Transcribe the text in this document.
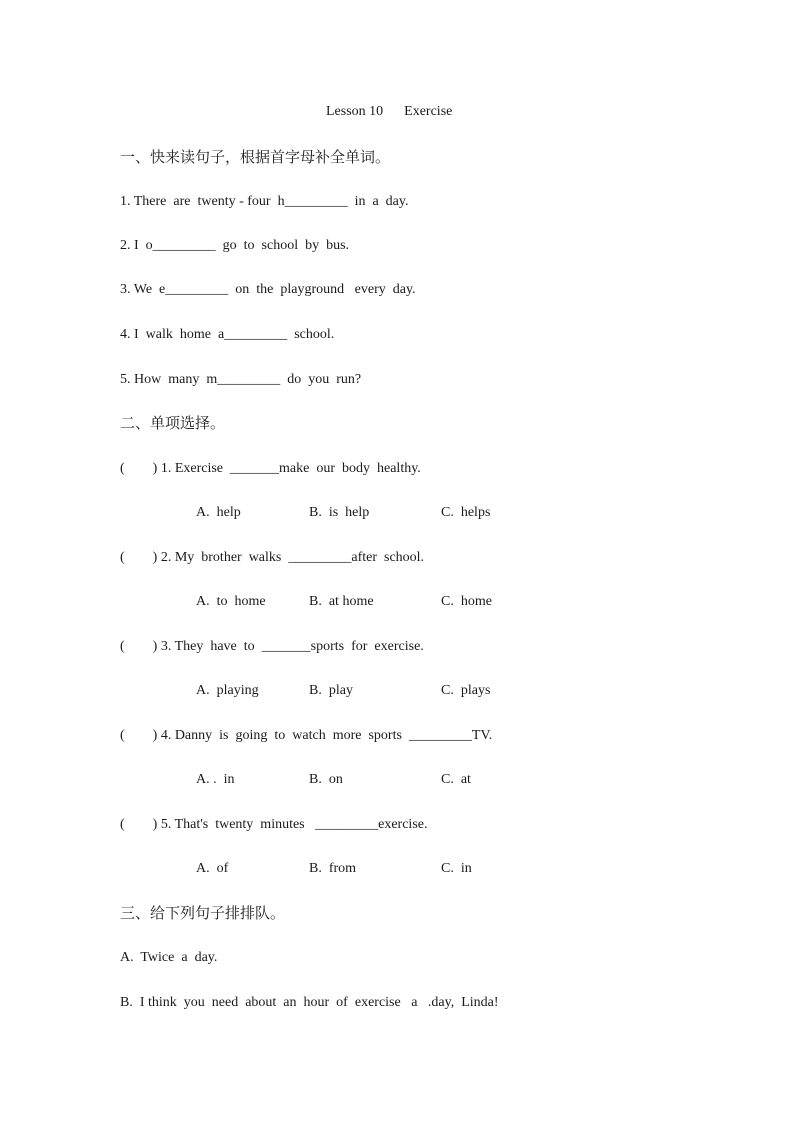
Lesson 10      Exercise
一、快来读句子，根据首字母补全单词。
1. There  are  twenty - four  h_________  in  a  day.
2. I  o_________  go  to  school  by  bus.
3. We  e_________  on  the  playground   every  day.
4. I  walk  home  a_________  school.
5. How  many  m_________  do  you  run?
二、单项选择。
(        ) 1. Exercise  _______make  our  body  healthy.
A.  help	B.  is  help	C.  helps
(        ) 2. My  brother  walks  _________after  school.
A.  to  home	B.  at home	C.  home
(        ) 3. They  have  to  _______sports  for  exercise.
A.  playing	B.  play	C.  plays
(        ) 4. Danny  is  going  to  watch  more  sports  _________TV.
A. .  in	B.  on	C.  at
(        ) 5. That's  twenty  minutes   _________exercise.
A.  of	B.  from	C.  in
三、给下列句子排排队。
A.  Twice  a  day.
B.  I think  you  need  about  an  hour  of  exercise   a   .day,  Linda!
